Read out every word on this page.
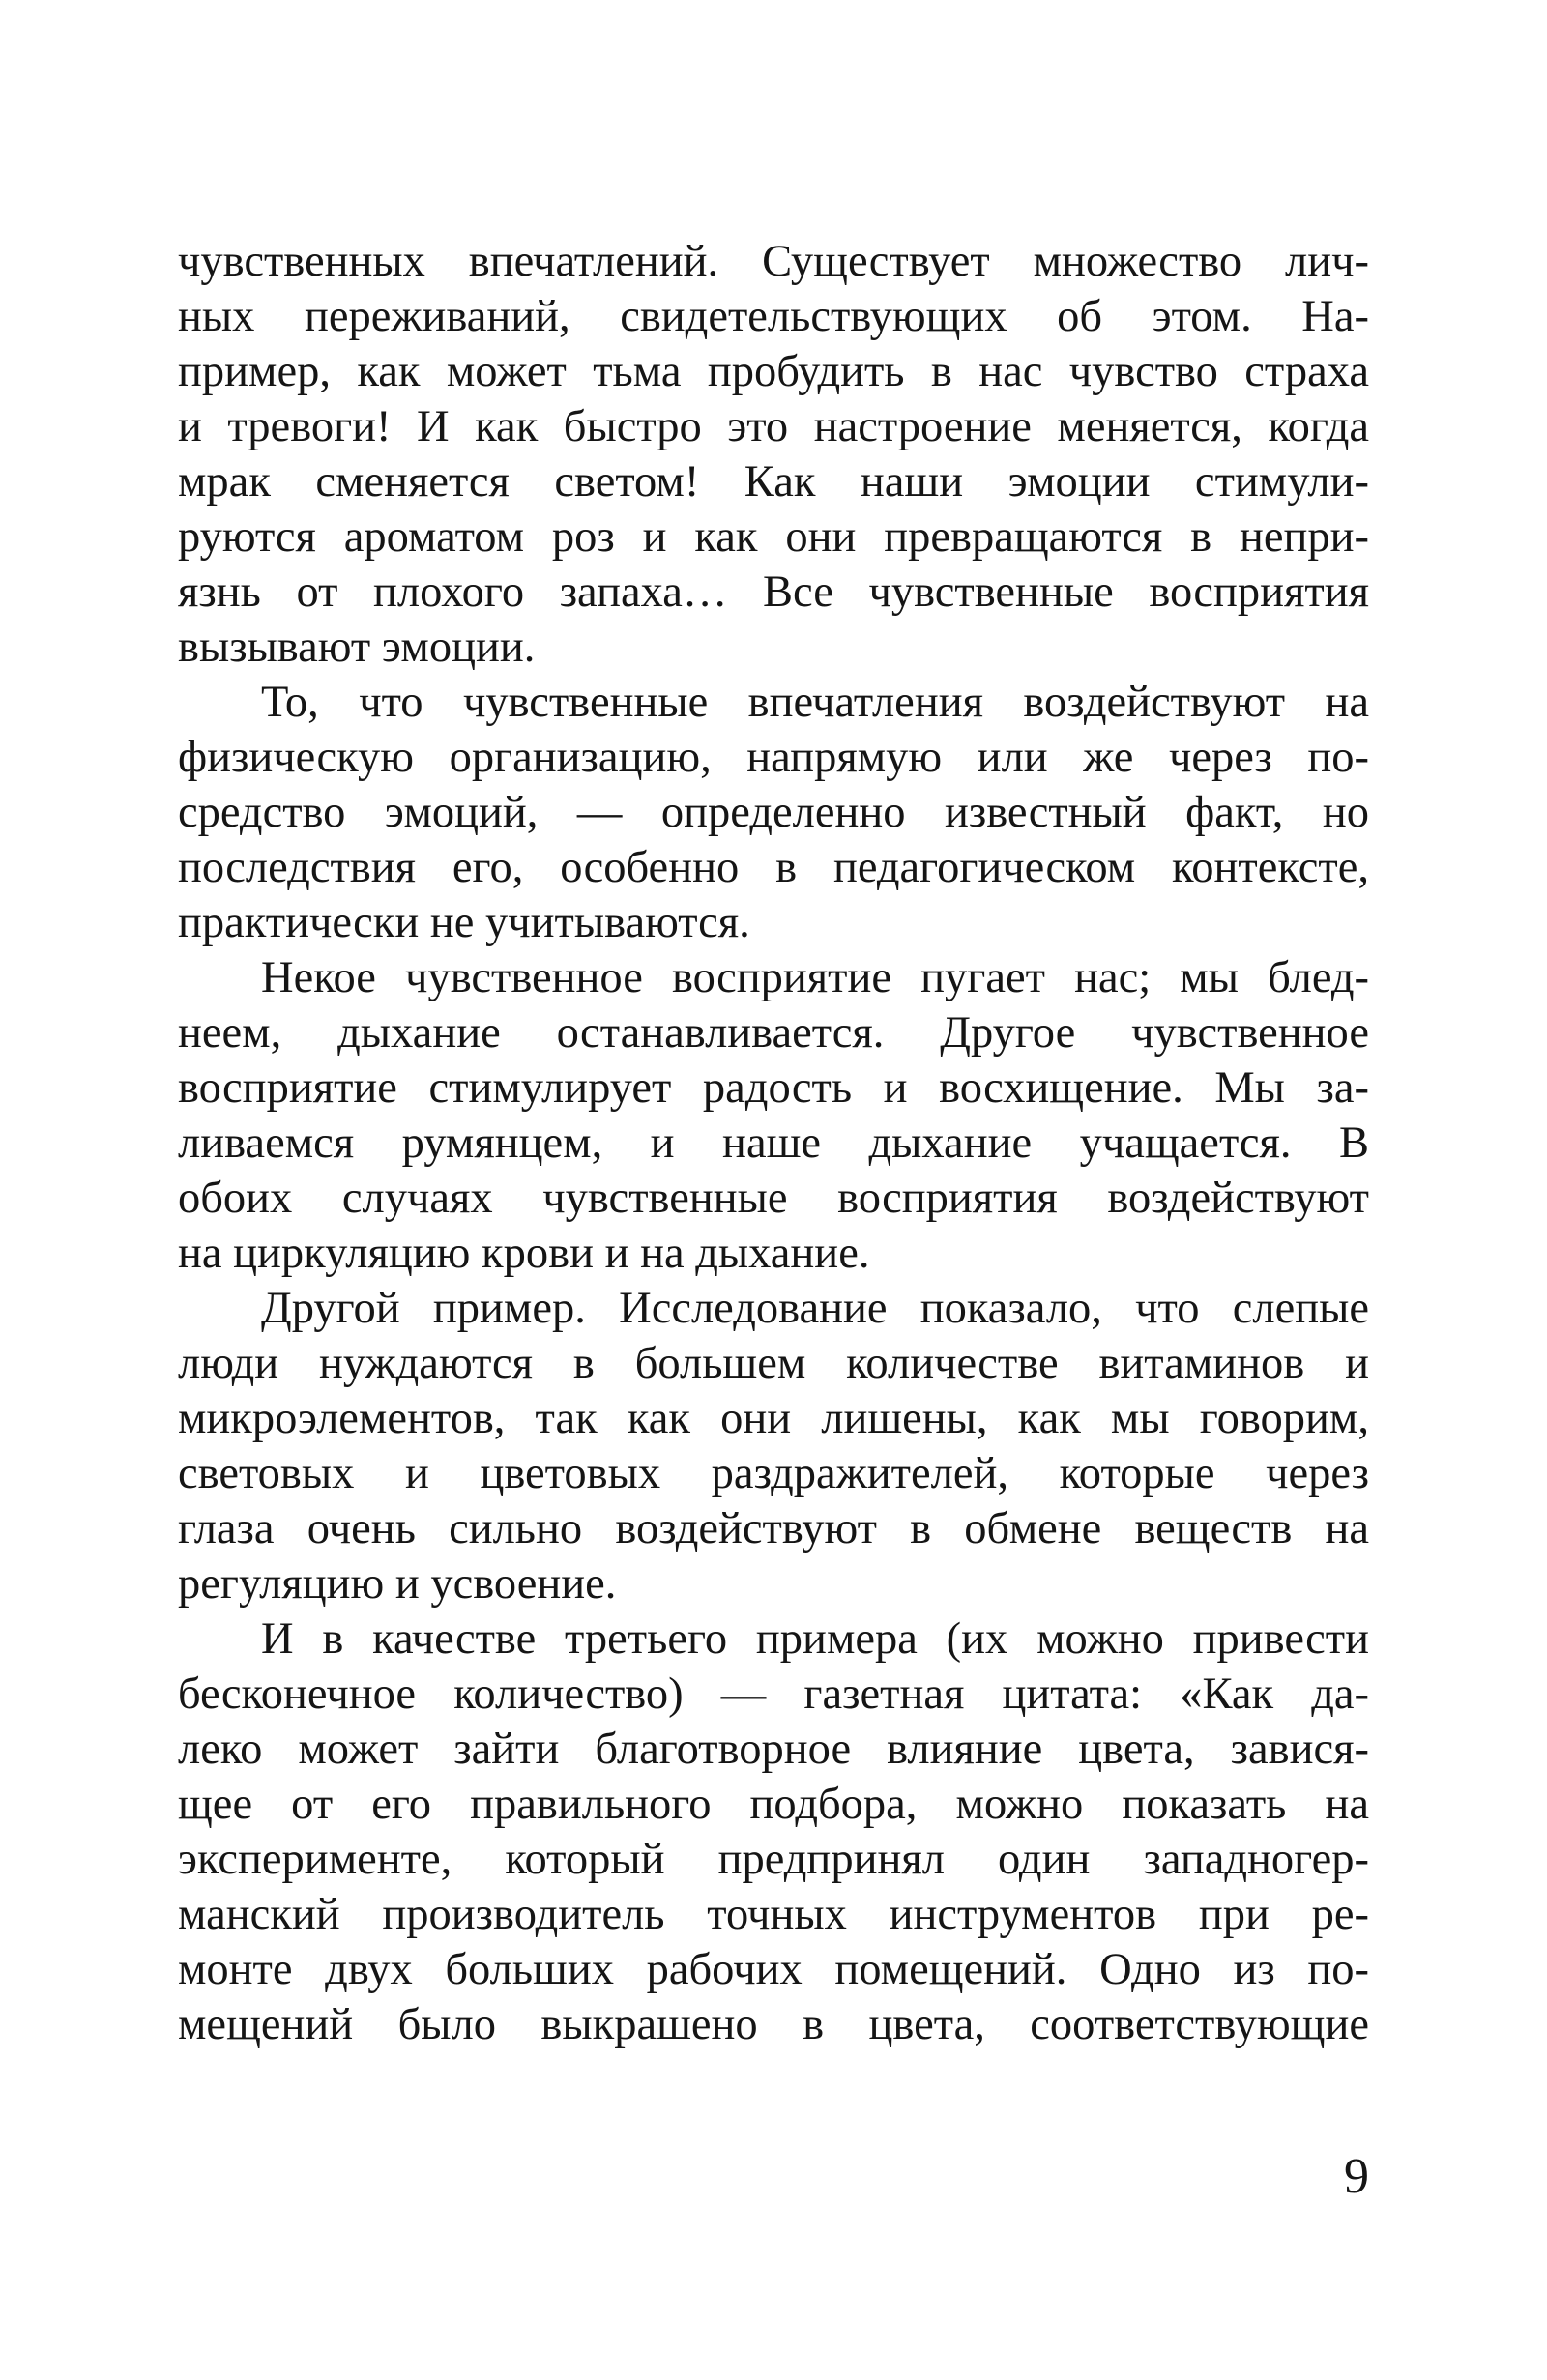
чувственных впечатлений. Существует множество лич-
ных переживаний, свидетельствующих об этом. На-
пример, как может тьма пробудить в нас чувство страха
и тревоги! И как быстро это настроение меняется, когда
мрак сменяется светом! Как наши эмоции стимули-
руются ароматом роз и как они превращаются в непри-
язнь от плохого запаха… Все чувственные восприятия
вызывают эмоции.

То, что чувственные впечатления воздействуют на
физическую организацию, напрямую или же через по-
средство эмоций, — определенно известный факт, но
последствия его, особенно в педагогическом контексте,
практически не учитываются.

Некое чувственное восприятие пугает нас; мы блед-
неем, дыхание останавливается. Другое чувственное
восприятие стимулирует радость и восхищение. Мы за-
ливаемся румянцем, и наше дыхание учащается. В
обоих случаях чувственные восприятия воздействуют
на циркуляцию крови и на дыхание.

Другой пример. Исследование показало, что слепые
люди нуждаются в большем количестве витаминов и
микроэлементов, так как они лишены, как мы говорим,
световых и цветовых раздражителей, которые через
глаза очень сильно воздействуют в обмене веществ на
регуляцию и усвоение.

И в качестве третьего примера (их можно привести
бесконечное количество) — газетная цитата: «Как да-
леко может зайти благотворное влияние цвета, завися-
щее от его правильного подбора, можно показать на
эксперименте, который предпринял один западногер-
манский производитель точных инструментов при ре-
монте двух больших рабочих помещений. Одно из по-
мещений было выкрашено в цвета, соответствующие

9
